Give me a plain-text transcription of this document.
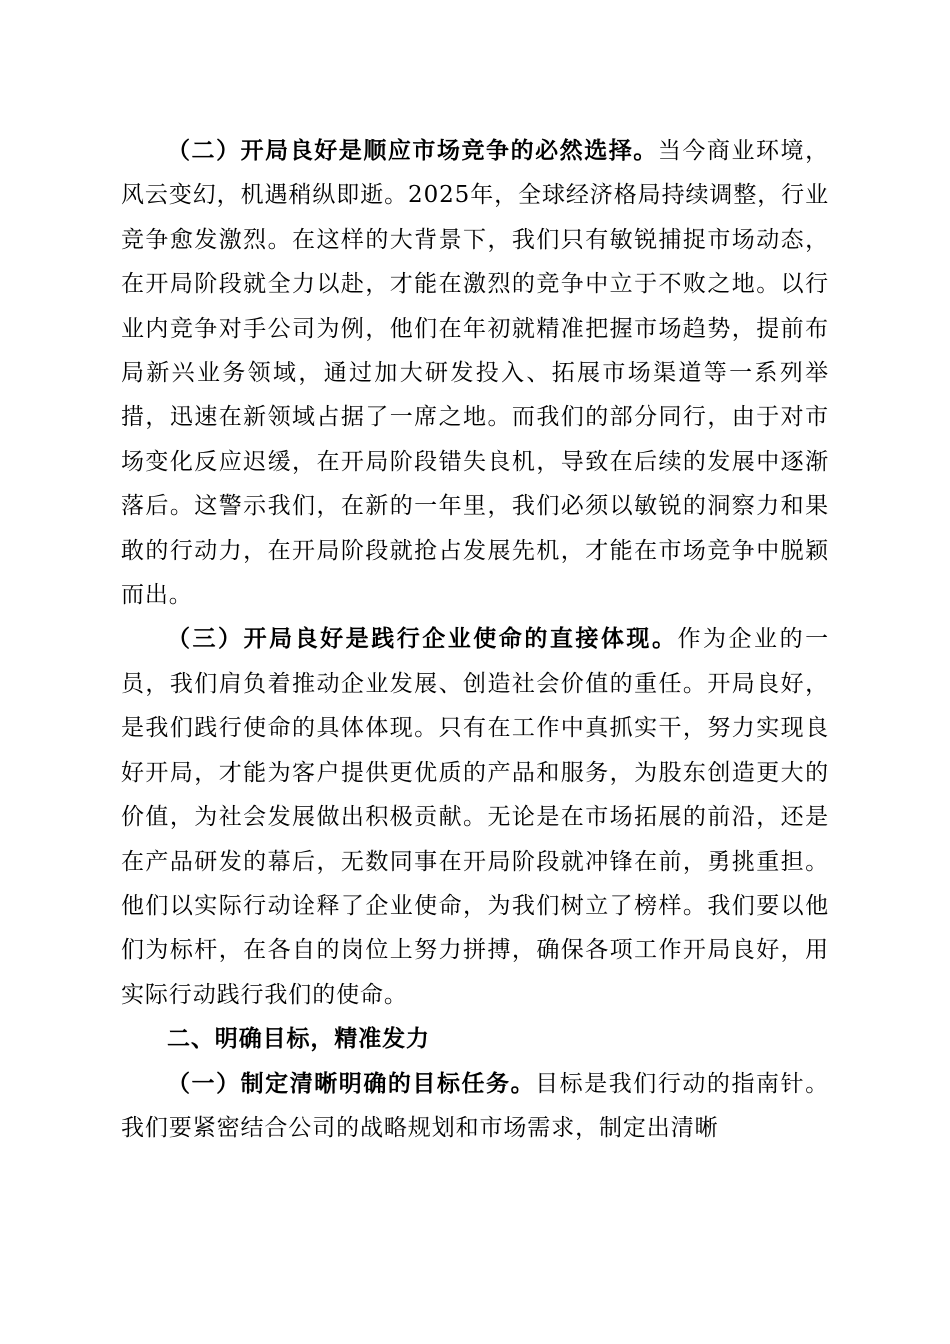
（二）开局良好是顺应市场竞争的必然选择。当今商业环境，风云变幻，机遇稍纵即逝。2025年，全球经济格局持续调整，行业竞争愈发激烈。在这样的大背景下，我们只有敏锐捕捉市场动态，在开局阶段就全力以赴，才能在激烈的竞争中立于不败之地。以行业内竞争对手公司为例，他们在年初就精准把握市场趋势，提前布局新兴业务领域，通过加大研发投入、拓展市场渠道等一系列举措，迅速在新领域占据了一席之地。而我们的部分同行，由于对市场变化反应迟缓，在开局阶段错失良机，导致在后续的发展中逐渐落后。这警示我们，在新的一年里，我们必须以敏锐的洞察力和果敢的行动力，在开局阶段就抢占发展先机，才能在市场竞争中脱颖而出。

（三）开局良好是践行企业使命的直接体现。作为企业的一员，我们肩负着推动企业发展、创造社会价值的重任。开局良好，是我们践行使命的具体体现。只有在工作中真抓实干，努力实现良好开局，才能为客户提供更优质的产品和服务，为股东创造更大的价值，为社会发展做出积极贡献。无论是在市场拓展的前沿，还是在产品研发的幕后，无数同事在开局阶段就冲锋在前，勇挑重担。他们以实际行动诠释了企业使命，为我们树立了榜样。我们要以他们为标杆，在各自的岗位上努力拼搏，确保各项工作开局良好，用实际行动践行我们的使命。

二、明确目标，精准发力

（一）制定清晰明确的目标任务。目标是我们行动的指南针。我们要紧密结合公司的战略规划和市场需求，制定出清晰
